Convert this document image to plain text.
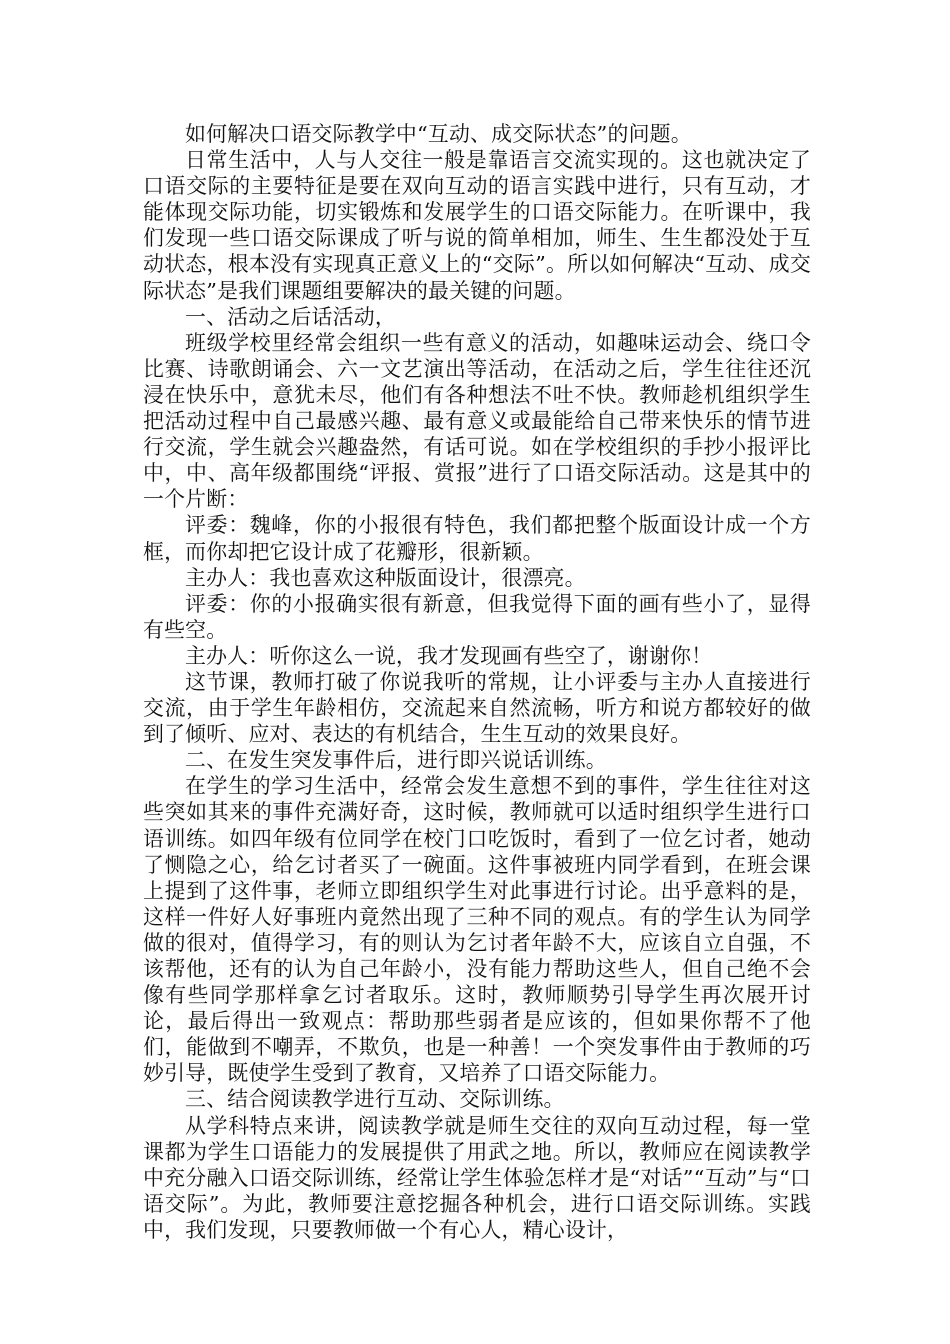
如何解决口语交际教学中“互动、成交际状态”的问题。

日常生活中，人与人交往一般是靠语言交流实现的。这也就决定了口语交际的主要特征是要在双向互动的语言实践中进行，只有互动，才能体现交际功能，切实锻炼和发展学生的口语交际能力。在听课中，我们发现一些口语交际课成了听与说的简单相加，师生、生生都没处于互动状态，根本没有实现真正意义上的“交际”。所以如何解决“互动、成交际状态”是我们课题组要解决的最关键的问题。

一、活动之后话活动，

班级学校里经常会组织一些有意义的活动，如趣味运动会、绕口令比赛、诗歌朗诵会、六一文艺演出等活动，在活动之后，学生往往还沉浸在快乐中，意犹未尽，他们有各种想法不吐不快。教师趁机组织学生把活动过程中自己最感兴趣、最有意义或最能给自己带来快乐的情节进行交流，学生就会兴趣盎然，有话可说。如在学校组织的手抄小报评比中，中、高年级都围绕“评报、赏报”进行了口语交际活动。这是其中的一个片断：

评委：魏峰，你的小报很有特色，我们都把整个版面设计成一个方框，而你却把它设计成了花瓣形，很新颖。

主办人：我也喜欢这种版面设计，很漂亮。

评委：你的小报确实很有新意，但我觉得下面的画有些小了，显得有些空。

主办人：听你这么一说，我才发现画有些空了，谢谢你！

这节课，教师打破了你说我听的常规，让小评委与主办人直接进行交流，由于学生年龄相仿，交流起来自然流畅，听方和说方都较好的做到了倾听、应对、表达的有机结合，生生互动的效果良好。

二、在发生突发事件后，进行即兴说话训练。

在学生的学习生活中，经常会发生意想不到的事件，学生往往对这些突如其来的事件充满好奇，这时候，教师就可以适时组织学生进行口语训练。如四年级有位同学在校门口吃饭时，看到了一位乞讨者，她动了恻隐之心，给乞讨者买了一碗面。这件事被班内同学看到，在班会课上提到了这件事，老师立即组织学生对此事进行讨论。出乎意料的是，这样一件好人好事班内竟然出现了三种不同的观点。有的学生认为同学做的很对，值得学习，有的则认为乞讨者年龄不大，应该自立自强，不该帮他，还有的认为自己年龄小，没有能力帮助这些人，但自己绝不会像有些同学那样拿乞讨者取乐。这时，教师顺势引导学生再次展开讨论，最后得出一致观点：帮助那些弱者是应该的，但如果你帮不了他们，能做到不嘲弄，不欺负，也是一种善！一个突发事件由于教师的巧妙引导，既使学生受到了教育，又培养了口语交际能力。

三、结合阅读教学进行互动、交际训练。

从学科特点来讲，阅读教学就是师生交往的双向互动过程，每一堂课都为学生口语能力的发展提供了用武之地。所以，教师应在阅读教学中充分融入口语交际训练，经常让学生体验怎样才是“对话”“互动”与“口语交际”。为此，教师要注意挖掘各种机会，进行口语交际训练。实践中，我们发现，只要教师做一个有心人，精心设计，
